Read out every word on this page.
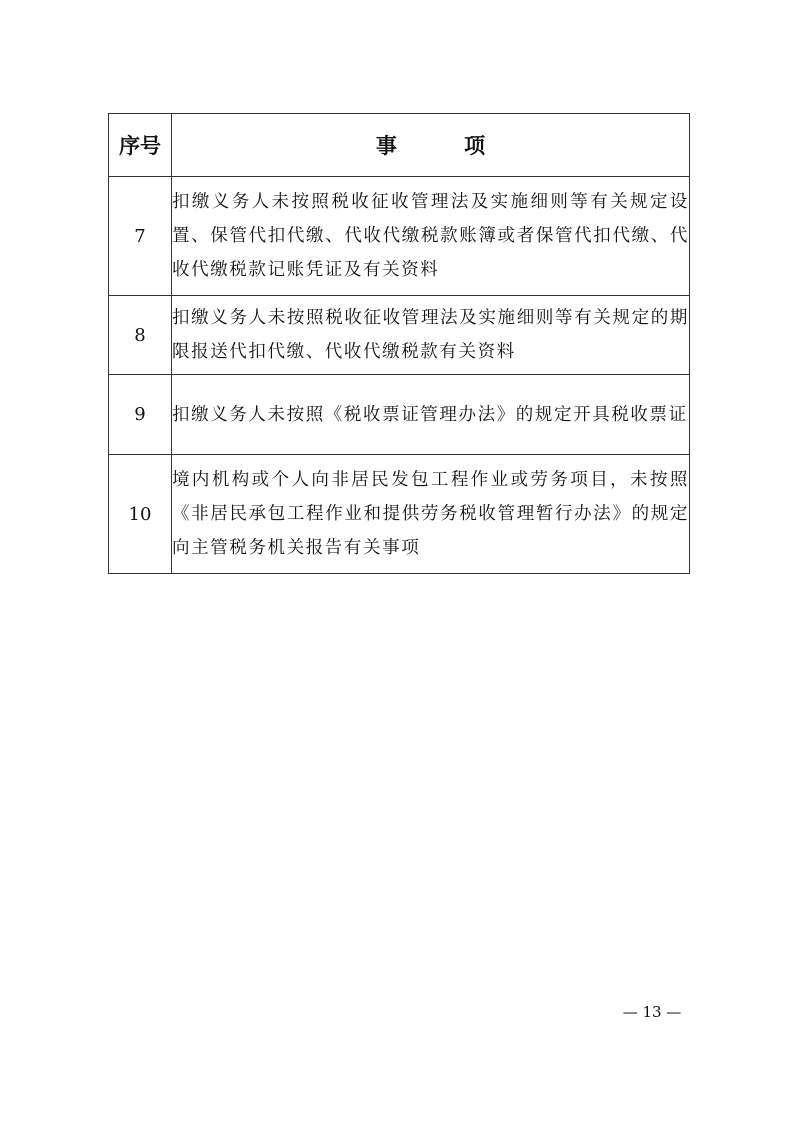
序号	事 项
7	扣缴义务人未按照税收征收管理法及实施细则等有关规定设置、保管代扣代缴、代收代缴税款账簿或者保管代扣代缴、代收代缴税款记账凭证及有关资料
8	扣缴义务人未按照税收征收管理法及实施细则等有关规定的期限报送代扣代缴、代收代缴税款有关资料
9	扣缴义务人未按照《税收票证管理办法》的规定开具税收票证
10	境内机构或个人向非居民发包工程作业或劳务项目，未按照《非居民承包工程作业和提供劳务税收管理暂行办法》的规定向主管税务机关报告有关事项
— 13 —
